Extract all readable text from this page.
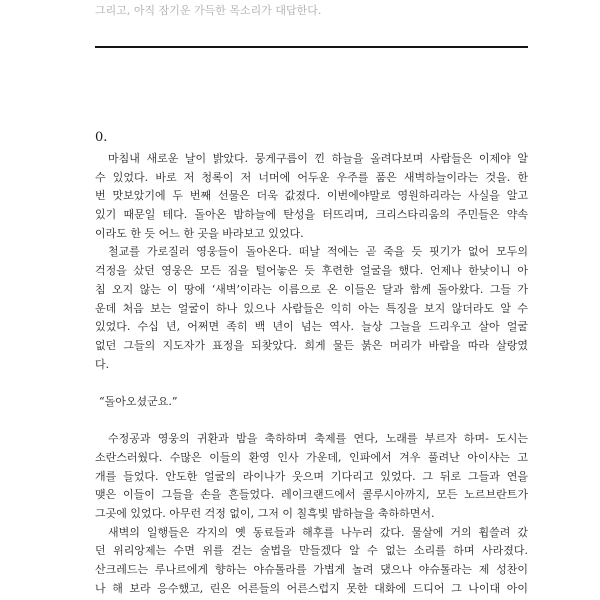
그리고, 아직 잠기운 가득한 목소리가 대답한다.
0.
마침내 새로운 날이 밝았다. 뭉게구름이 낀 하늘을 올려다보며 사람들은 이제야 알
수 있었다. 바로 저 청록이 저 너머에 어두운 우주를 품은 새벽하늘이라는 것을. 한
번 맛보았기에 두 번째 선물은 더욱 값졌다. 이번에야말로 영원하리라는 사실을 알고
있기 때문일 테다. 돌아온 밤하늘에 탄성을 터뜨리며, 크리스타리움의 주민들은 약속
이라도 한 듯 어느 한 곳을 바라보고 있었다.
철교를 가로질러 영웅들이 돌아온다. 떠날 적에는 곧 죽을 듯 핏기가 없어 모두의
걱정을 샀던 영웅은 모든 짐을 털어놓은 듯 후련한 얼굴을 했다. 언제나 한낮이니 아
침 오지 않는 이 땅에 ‘새벽’이라는 이름으로 온 이들은 달과 함께 돌아왔다. 그들 가
운데 처음 보는 얼굴이 하나 있으나 사람들은 익히 아는 특징을 보지 않더라도 알 수
있었다. 수십 년, 어쩌면 족히 백 년이 넘는 역사. 늘상 그늘을 드리우고 살아 얼굴
없던 그들의 지도자가 표정을 되찾았다. 희게 물든 붉은 머리가 바람을 따라 살랑였
다.
“돌아오셨군요.”
수정공과 영웅의 귀환과 밤을 축하하며 축제를 연다, 노래를 부르자 하며- 도시는
소란스러웠다. 수많은 이들의 환영 인사 가운데, 인파에서 겨우 풀려난 아이샤는 고
개를 들었다. 안도한 얼굴의 라이나가 웃으며 기다리고 있었다. 그 뒤로 그들과 연을
맺은 이들이 그들을 손을 흔들었다. 레이크랜드에서 콜루시아까지, 모든 노르브란트가
그곳에 있었다. 아무런 걱정 없이, 그저 이 칠흑빛 밤하늘을 축하하면서.
새벽의 일행들은 각지의 옛 동료들과 해후를 나누러 갔다. 물살에 거의 휩쓸려 갔
던 위리앙제는 수면 위를 걷는 술법을 만들겠다 알 수 없는 소리를 하며 사라졌다.
산크레드는 루나르에게 향하는 야슈톨라를 가볍게 놀려 댔으나 야슈톨라는 제 성찬이
나 해 보라 응수했고, 린은 어른들의 어른스럽지 못한 대화에 드디어 그 나이대 아이
